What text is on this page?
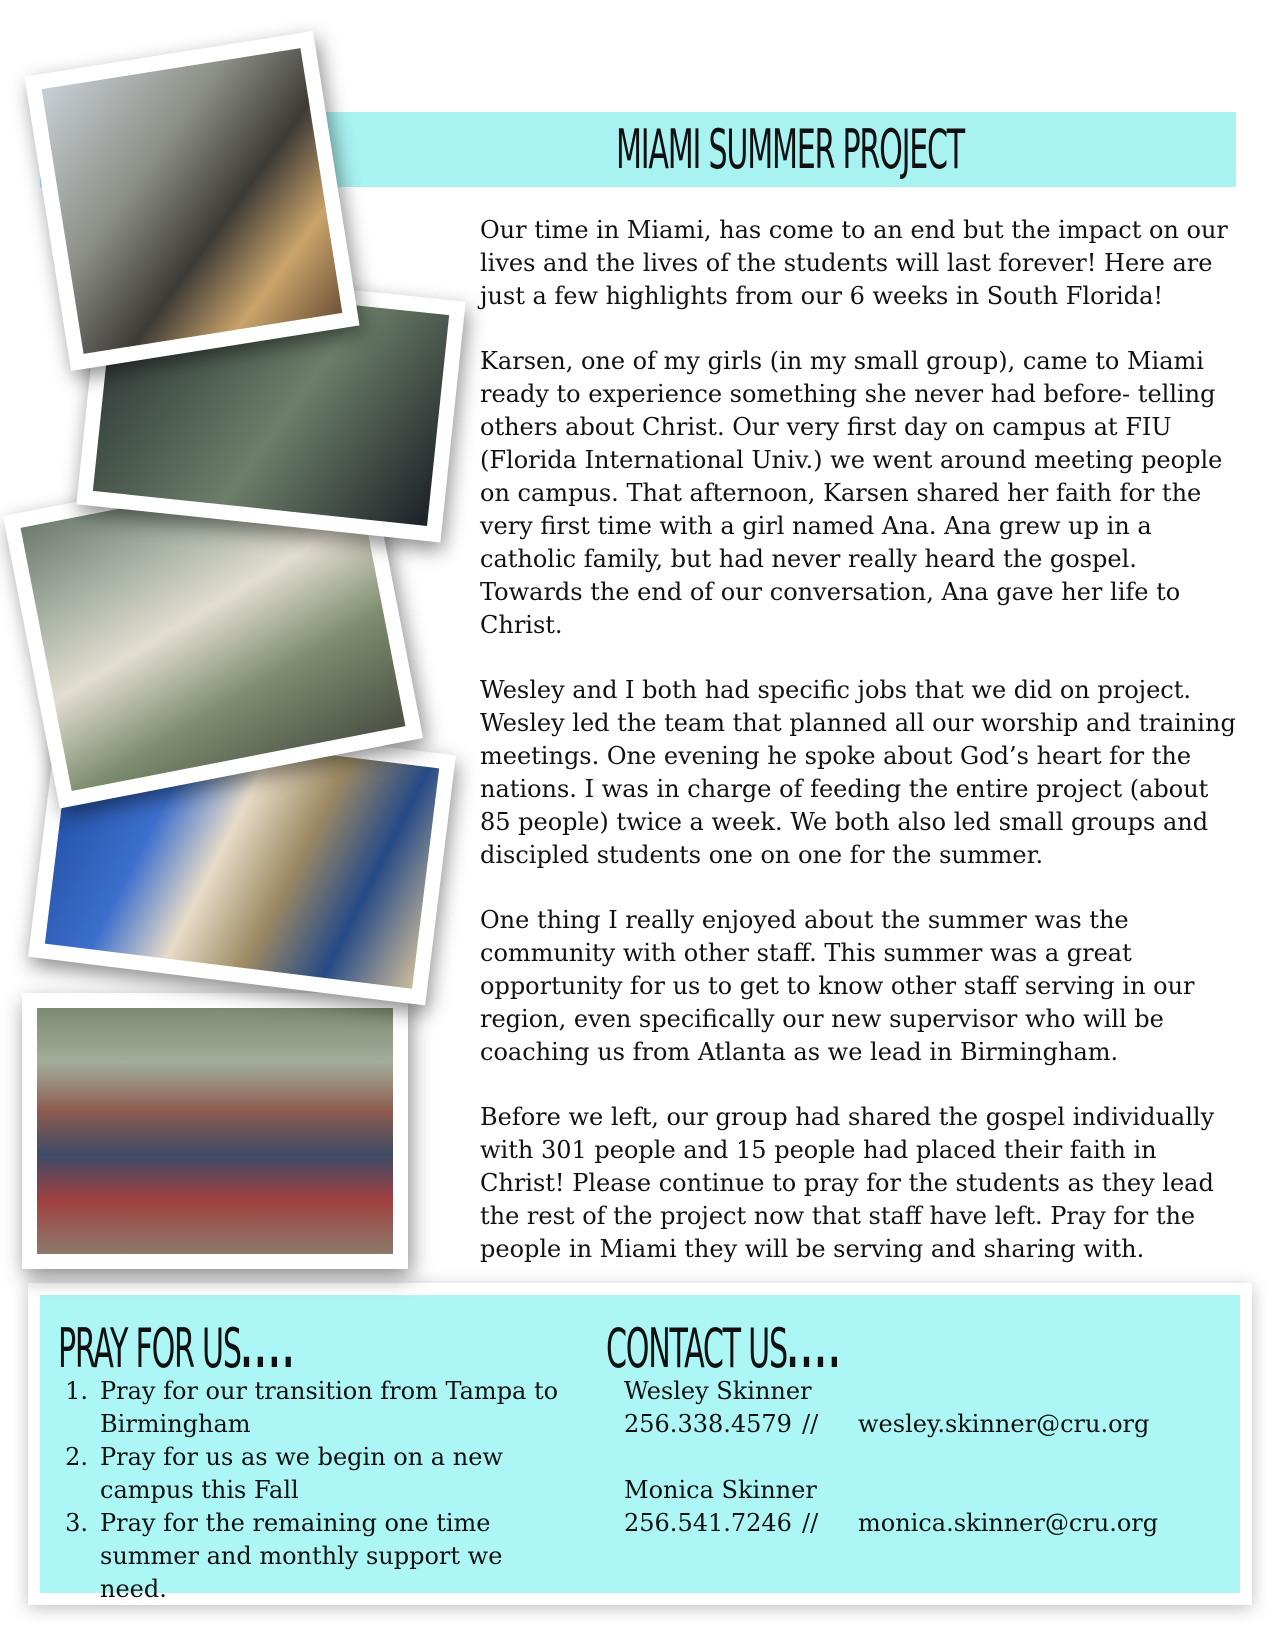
MIAMI SUMMER PROJECT

Our time in Miami, has come to an end but the impact on our lives and the lives of the students will last forever! Here are just a few highlights from our 6 weeks in South Florida!

Karsen, one of my girls (in my small group), came to Miami ready to experience something she never had before- telling others about Christ. Our very first day on campus at FIU (Florida International Univ.) we went around meeting people on campus. That afternoon, Karsen shared her faith for the very first time with a girl named Ana. Ana grew up in a catholic family, but had never really heard the gospel. Towards the end of our conversation, Ana gave her life to Christ.

Wesley and I both had specific jobs that we did on project. Wesley led the team that planned all our worship and training meetings. One evening he spoke about God’s heart for the nations. I was in charge of feeding the entire project (about 85 people) twice a week. We both also led small groups and discipled students one on one for the summer.

One thing I really enjoyed about the summer was the community with other staff. This summer was a great opportunity for us to get to know other staff serving in our region, even specifically our new supervisor who will be coaching us from Atlanta as we lead in Birmingham.

Before we left, our group had shared the gospel individually with 301 people and 15 people had placed their faith in Christ! Please continue to pray for the students as they lead the rest of the project now that staff have left. Pray for the people in Miami they will be serving and sharing with.

PRAY FOR US....
1. Pray for our transition from Tampa to Birmingham
2. Pray for us as we begin on a new campus this Fall
3. Pray for the remaining one time summer and monthly support we need.
CONTACT US....
Wesley Skinner
256.338.4579 //	wesley.skinner@cru.org
Monica Skinner
256.541.7246 //	monica.skinner@cru.org
